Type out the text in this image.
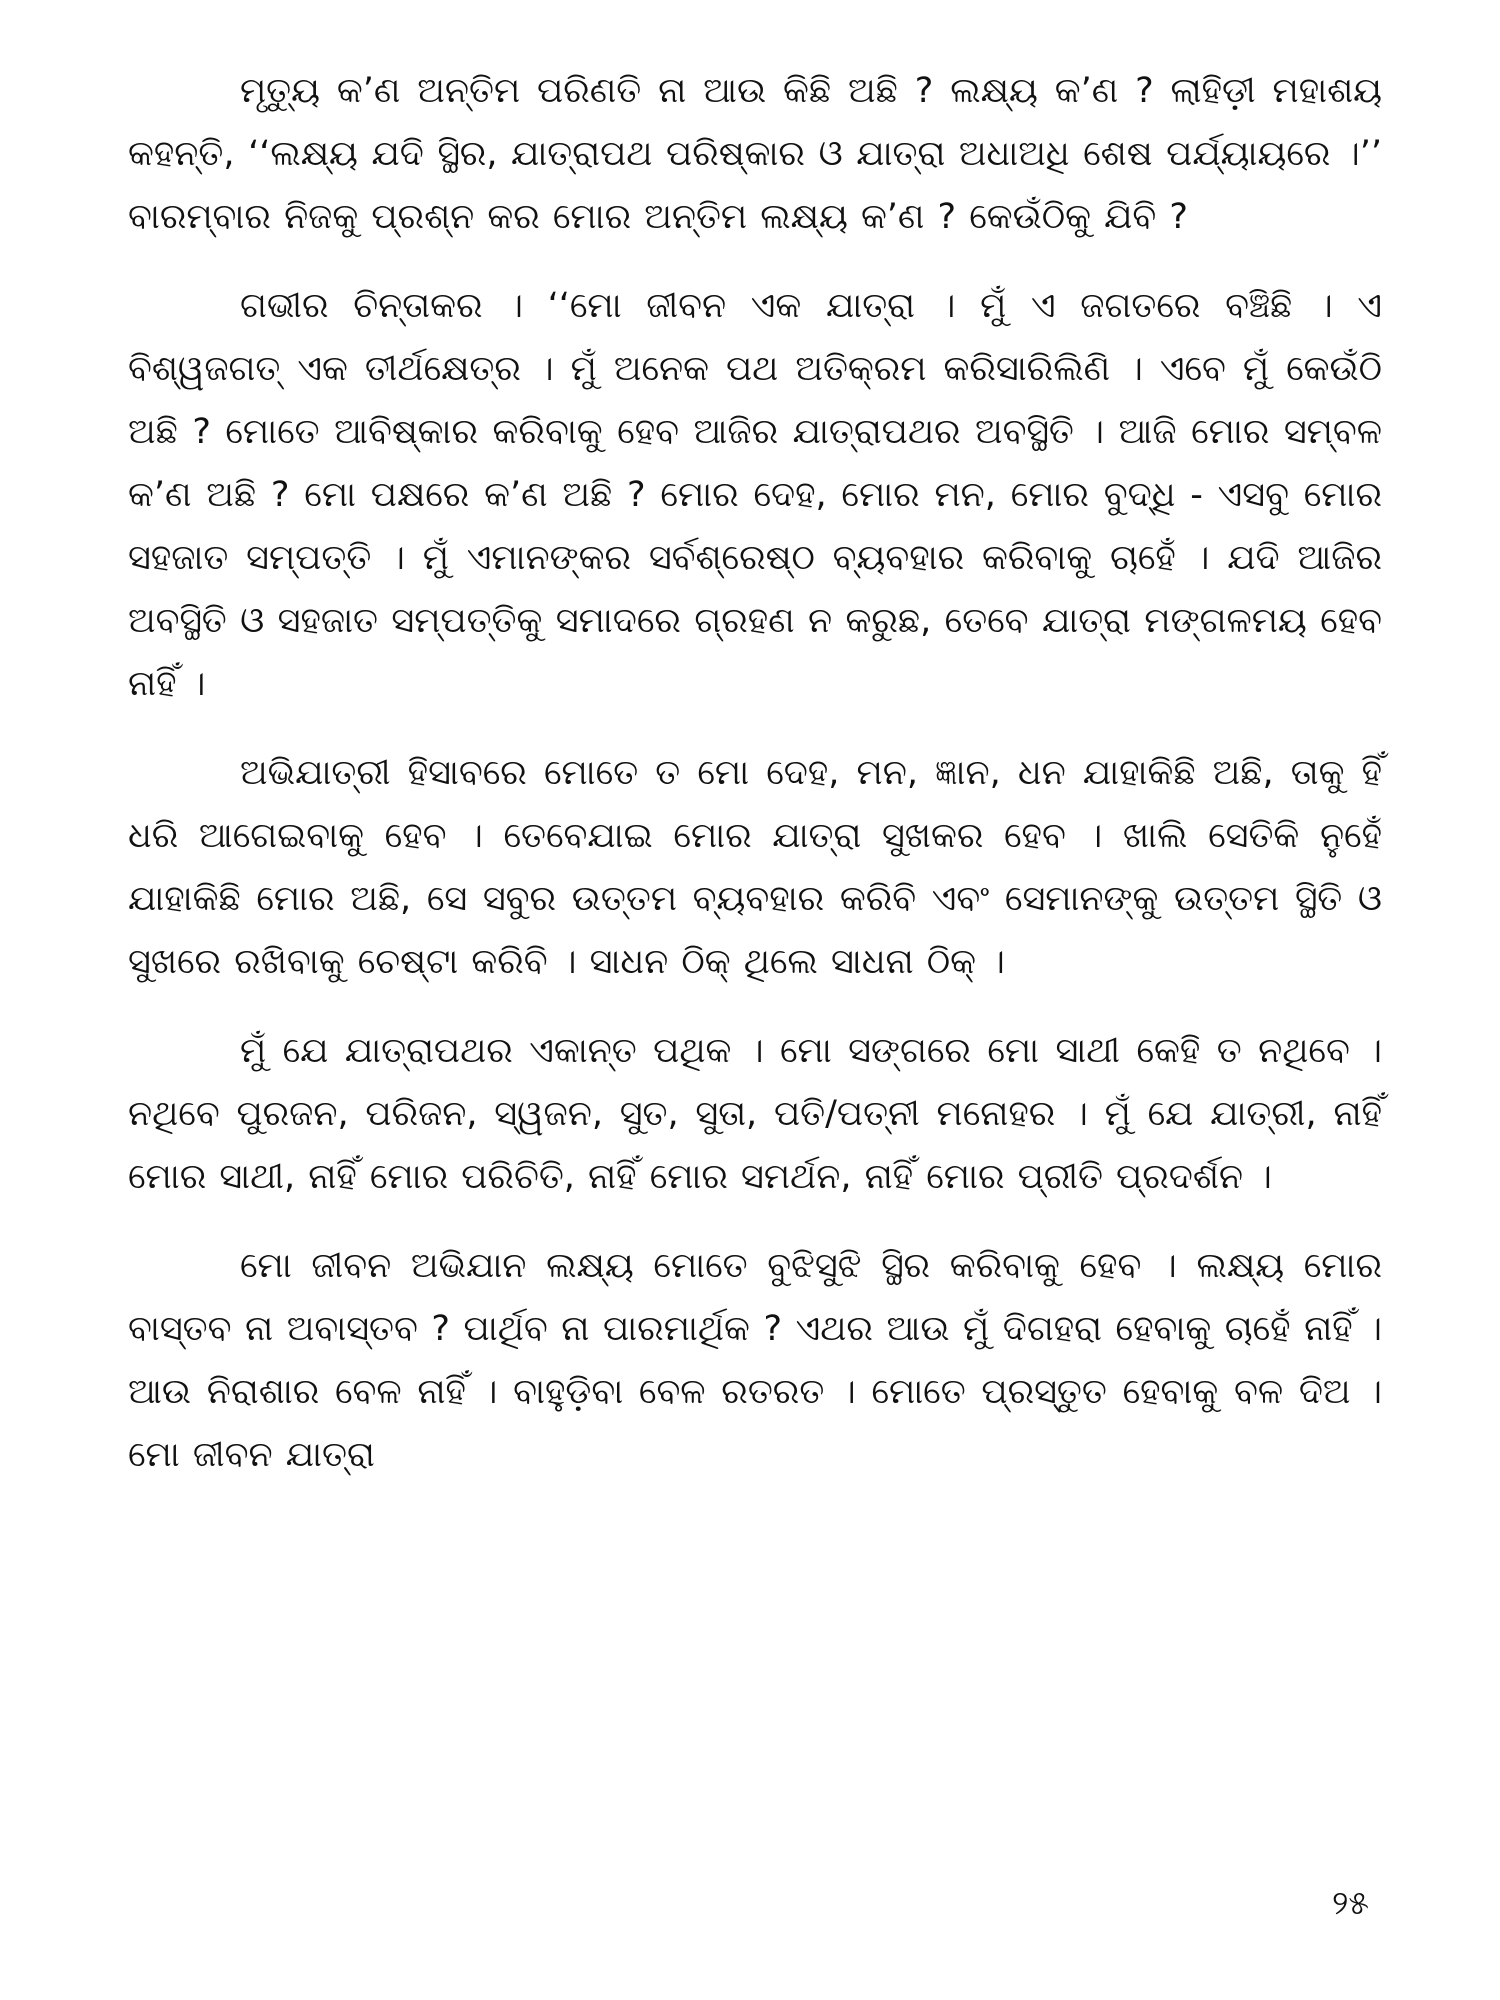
ମୃତ୍ୟୁ କ’ଣ ଅନ୍ତିମ ପରିଣତି ନା ଆଉ କିଛି ଅଛି ? ଲକ୍ଷ୍ୟ କ’ଣ ? ଲାହିଡ଼ୀ ମହାଶୟ କହନ୍ତି, ‘‘ଲକ୍ଷ୍ୟ ଯଦି ସ୍ଥିର, ଯାତ୍ରାପଥ ପରିଷ୍କାର ଓ ଯାତ୍ରା ଅଧାଅଧି ଶେଷ ପର୍ଯ୍ୟାୟରେ ।’’ ବାରମ୍ବାର ନିଜକୁ ପ୍ରଶ୍ନ କର ମୋର ଅନ୍ତିମ ଲକ୍ଷ୍ୟ କ’ଣ ? କେଉଁଠିକୁ ଯିବି ?

ଗଭୀର ଚିନ୍ତାକର । ‘‘ମୋ ଜୀବନ ଏକ ଯାତ୍ରା । ମୁଁ ଏ ଜଗତରେ ବଞ୍ଚିଛି । ଏ ବିଶ୍ୱଜଗତ୍ ଏକ ତୀର୍ଥକ୍ଷେତ୍ର । ମୁଁ ଅନେକ ପଥ ଅତିକ୍ରମ କରିସାରିଲିଣି । ଏବେ ମୁଁ କେଉଁଠି ଅଛି ? ମୋତେ ଆବିଷ୍କାର କରିବାକୁ ହେବ ଆଜିର ଯାତ୍ରାପଥର ଅବସ୍ଥିତି । ଆଜି ମୋର ସମ୍ବଳ କ’ଣ ଅଛି ? ମୋ ପକ୍ଷରେ କ’ଣ ଅଛି ? ମୋର ଦେହ, ମୋର ମନ, ମୋର ବୁଦ୍ଧି - ଏସବୁ ମୋର ସହଜାତ ସମ୍ପତ୍ତି । ମୁଁ ଏମାନଙ୍କର ସର୍ବଶ୍ରେଷ୍ଠ ବ୍ୟବହାର କରିବାକୁ ଚାହେଁ । ଯଦି ଆଜିର ଅବସ୍ଥିତି ଓ ସହଜାତ ସମ୍ପତ୍ତିକୁ ସମାଦରେ ଗ୍ରହଣ ନ କରୁଛ, ତେବେ ଯାତ୍ରା ମଙ୍ଗଳମୟ ହେବ ନାହିଁ ।

ଅଭିଯାତ୍ରୀ ହିସାବରେ ମୋତେ ତ ମୋ ଦେହ, ମନ, ଜ୍ଞାନ, ଧନ ଯାହାକିଛି ଅଛି, ତାକୁ ହିଁ ଧରି ଆଗେଇବାକୁ ହେବ । ତେବେଯାଇ ମୋର ଯାତ୍ରା ସୁଖକର ହେବ । ଖାଲି ସେତିକି ନୁହେଁ ଯାହାକିଛି ମୋର ଅଛି, ସେ ସବୁର ଉତ୍ତମ ବ୍ୟବହାର କରିବି ଏବଂ ସେମାନଙ୍କୁ ଉତ୍ତମ ସ୍ଥିତି ଓ ସୁଖରେ ରଖିବାକୁ ଚେଷ୍ଟା କରିବି । ସାଧନ ଠିକ୍ ଥିଲେ ସାଧନା ଠିକ୍ ।

ମୁଁ ଯେ ଯାତ୍ରାପଥର ଏକାନ୍ତ ପଥିକ । ମୋ ସଙ୍ଗରେ ମୋ ସାଥୀ କେହି ତ ନଥିବେ । ନଥିବେ ପୁରଜନ, ପରିଜନ, ସ୍ୱଜନ, ସୁତ, ସୁତା, ପତି/ପତ୍ନୀ ମନୋହର । ମୁଁ ଯେ ଯାତ୍ରୀ, ନାହିଁ ମୋର ସାଥୀ, ନାହିଁ ମୋର ପରିଚିତି, ନାହିଁ ମୋର ସମର୍ଥନ, ନାହିଁ ମୋର ପ୍ରୀତି ପ୍ରଦର୍ଶନ ।

ମୋ ଜୀବନ ଅଭିଯାନ ଲକ୍ଷ୍ୟ ମୋତେ ବୁଝିସୁଝି ସ୍ଥିର କରିବାକୁ ହେବ । ଲକ୍ଷ୍ୟ ମୋର ବାସ୍ତବ ନା ଅବାସ୍ତବ ? ପାର୍ଥିବ ନା ପାରମାର୍ଥିକ ? ଏଥର ଆଉ ମୁଁ ଦିଗହରା ହେବାକୁ ଚାହେଁ ନାହିଁ । ଆଉ ନିରାଶାର ବେଳ ନାହିଁ । ବାହୁଡ଼ିବା ବେଳ ରତରତ । ମୋତେ ପ୍ରସ୍ତୁତ ହେବାକୁ ବଳ ଦିଅ । ମୋ ଜୀବନ ଯାତ୍ରା

୨୫
